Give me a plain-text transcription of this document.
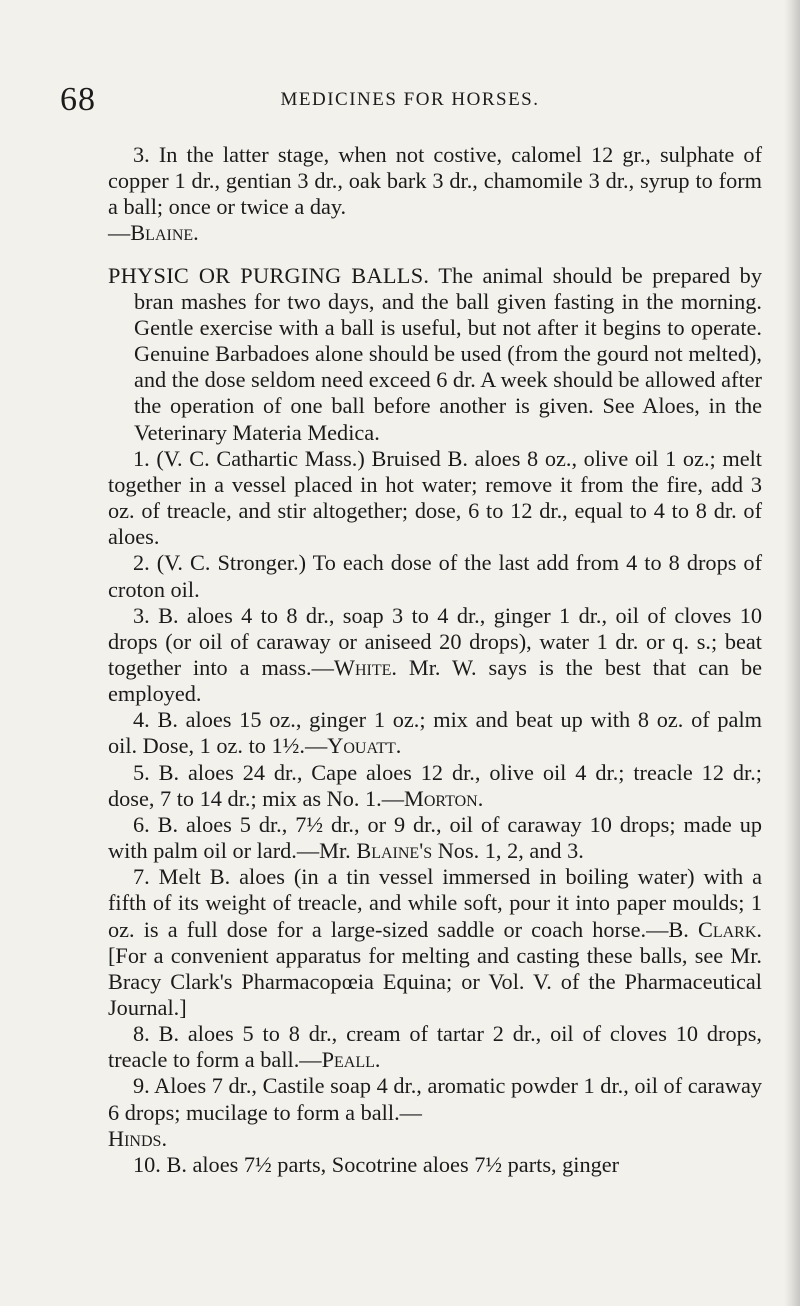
68	MEDICINES FOR HORSES.

3. In the latter stage, when not costive, calomel 12 gr., sulphate of copper 1 dr., gentian 3 dr., oak bark 3 dr., chamomile 3 dr., syrup to form a ball; once or twice a day.
—Blaine.

PHYSIC OR PURGING BALLS. The animal should be prepared by bran mashes for two days, and the ball given fasting in the morning. Gentle exercise with a ball is useful, but not after it begins to operate. Genuine Barbadoes alone should be used (from the gourd not melted), and the dose seldom need exceed 6 dr. A week should be allowed after the operation of one ball before another is given. See Aloes, in the Veterinary Materia Medica.

1. (V. C. Cathartic Mass.) Bruised B. aloes 8 oz., olive oil 1 oz.; melt together in a vessel placed in hot water; remove it from the fire, add 3 oz. of treacle, and stir altogether; dose, 6 to 12 dr., equal to 4 to 8 dr. of aloes.

2. (V. C. Stronger.) To each dose of the last add from 4 to 8 drops of croton oil.

3. B. aloes 4 to 8 dr., soap 3 to 4 dr., ginger 1 dr., oil of cloves 10 drops (or oil of caraway or aniseed 20 drops), water 1 dr. or q. s.; beat together into a mass.—White. Mr. W. says is the best that can be employed.

4. B. aloes 15 oz., ginger 1 oz.; mix and beat up with 8 oz. of palm oil. Dose, 1 oz. to 1½.—Youatt.

5. B. aloes 24 dr., Cape aloes 12 dr., olive oil 4 dr.; treacle 12 dr.; dose, 7 to 14 dr.; mix as No. 1.—Morton.

6. B. aloes 5 dr., 7½ dr., or 9 dr., oil of caraway 10 drops; made up with palm oil or lard.—Mr. Blaine's Nos. 1, 2, and 3.

7. Melt B. aloes (in a tin vessel immersed in boiling water) with a fifth of its weight of treacle, and while soft, pour it into paper moulds; 1 oz. is a full dose for a large-sized saddle or coach horse.—B. Clark. [For a convenient apparatus for melting and casting these balls, see Mr. Bracy Clark's Pharmacopœia Equina; or Vol. V. of the Pharmaceutical Journal.]

8. B. aloes 5 to 8 dr., cream of tartar 2 dr., oil of cloves 10 drops, treacle to form a ball.—Peall.

9. Aloes 7 dr., Castile soap 4 dr., aromatic powder 1 dr., oil of caraway 6 drops; mucilage to form a ball.—
Hinds.

10. B. aloes 7½ parts, Socotrine aloes 7½ parts, ginger
